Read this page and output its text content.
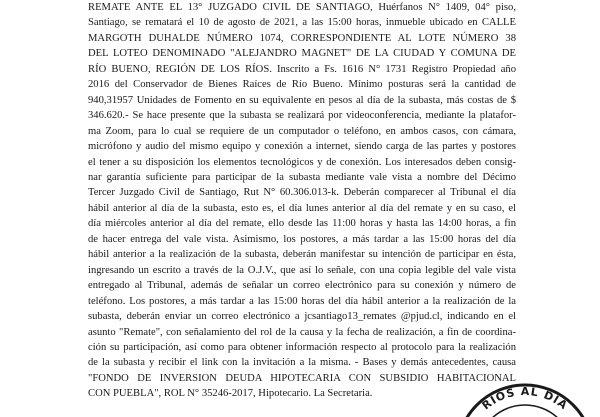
REMATE ANTE EL 13° JUZGADO CIVIL DE SANTIAGO, Huérfanos N° 1409, 04° piso,
Santiago, se rematará el 10 de agosto de 2021, a las 15:00 horas, inmueble ubicado en CALLE
MARGOTH DUHALDE NÚMERO 1074, CORRESPONDIENTE AL LOTE NÚMERO 38
DEL LOTEO DENOMINADO "ALEJANDRO MAGNET" DE LA CIUDAD Y COMUNA DE
RÍO BUENO, REGIÓN DE LOS RÍOS. Inscrito a Fs. 1616 N° 1731 Registro Propiedad año
2016 del Conservador de Bienes Raíces de Río Bueno. Mínimo posturas será la cantidad de
940,31957 Unidades de Fomento en su equivalente en pesos al día de la subasta, más costas de $
346.620.- Se hace presente que la subasta se realizará por videoconferencia, mediante la platafor-
ma Zoom, para lo cual se requiere de un computador o teléfono, en ambos casos, con cámara,
micrófono y audio del mismo equipo y conexión a internet, siendo carga de las partes y postores
el tener a su disposición los elementos tecnológicos y de conexión. Los interesados deben consig-
nar garantía suficiente para participar de la subasta mediante vale vista a nombre del Décimo
Tercer Juzgado Civil de Santiago, Rut N° 60.306.013-k. Deberán comparecer al Tribunal el día
hábil anterior al día de la subasta, esto es, el día lunes anterior al día del remate y en su caso, el
día miércoles anterior al día del remate, ello desde las 11:00 horas y hasta las 14:00 horas, a fin
de hacer entrega del vale vista. Asimismo, los postores, a más tardar a las 15:00 horas del día
hábil anterior a la realización de la subasta, deberán manifestar su intención de participar en ésta,
ingresando un escrito a través de la O.J.V., que así lo señale, con una copia legible del vale vista
entregado al Tribunal, además de señalar un correo electrónico para su conexión y número de
teléfono. Los postores, a más tardar a las 15:00 horas del día hábil anterior a la realización de la
subasta, deberán enviar un correo electrónico a jcsantiago13_remates @pjud.cl, indicando en el
asunto "Remate", con señalamiento del rol de la causa y la fecha de realización, a fin de coordina-
ción su participación, así como para obtener información respecto al protocolo para la realización
de la subasta y recibir el link con la invitación a la misma. - Bases y demás antecedentes, causa
"FONDO DE INVERSION DEUDA HIPOTECARIA CON SUBSIDIO HABITACIONAL
CON PUEBLA", ROL N° 35246-2017, Hipotecario. La Secretaria.
RÍOS AL DÍA
